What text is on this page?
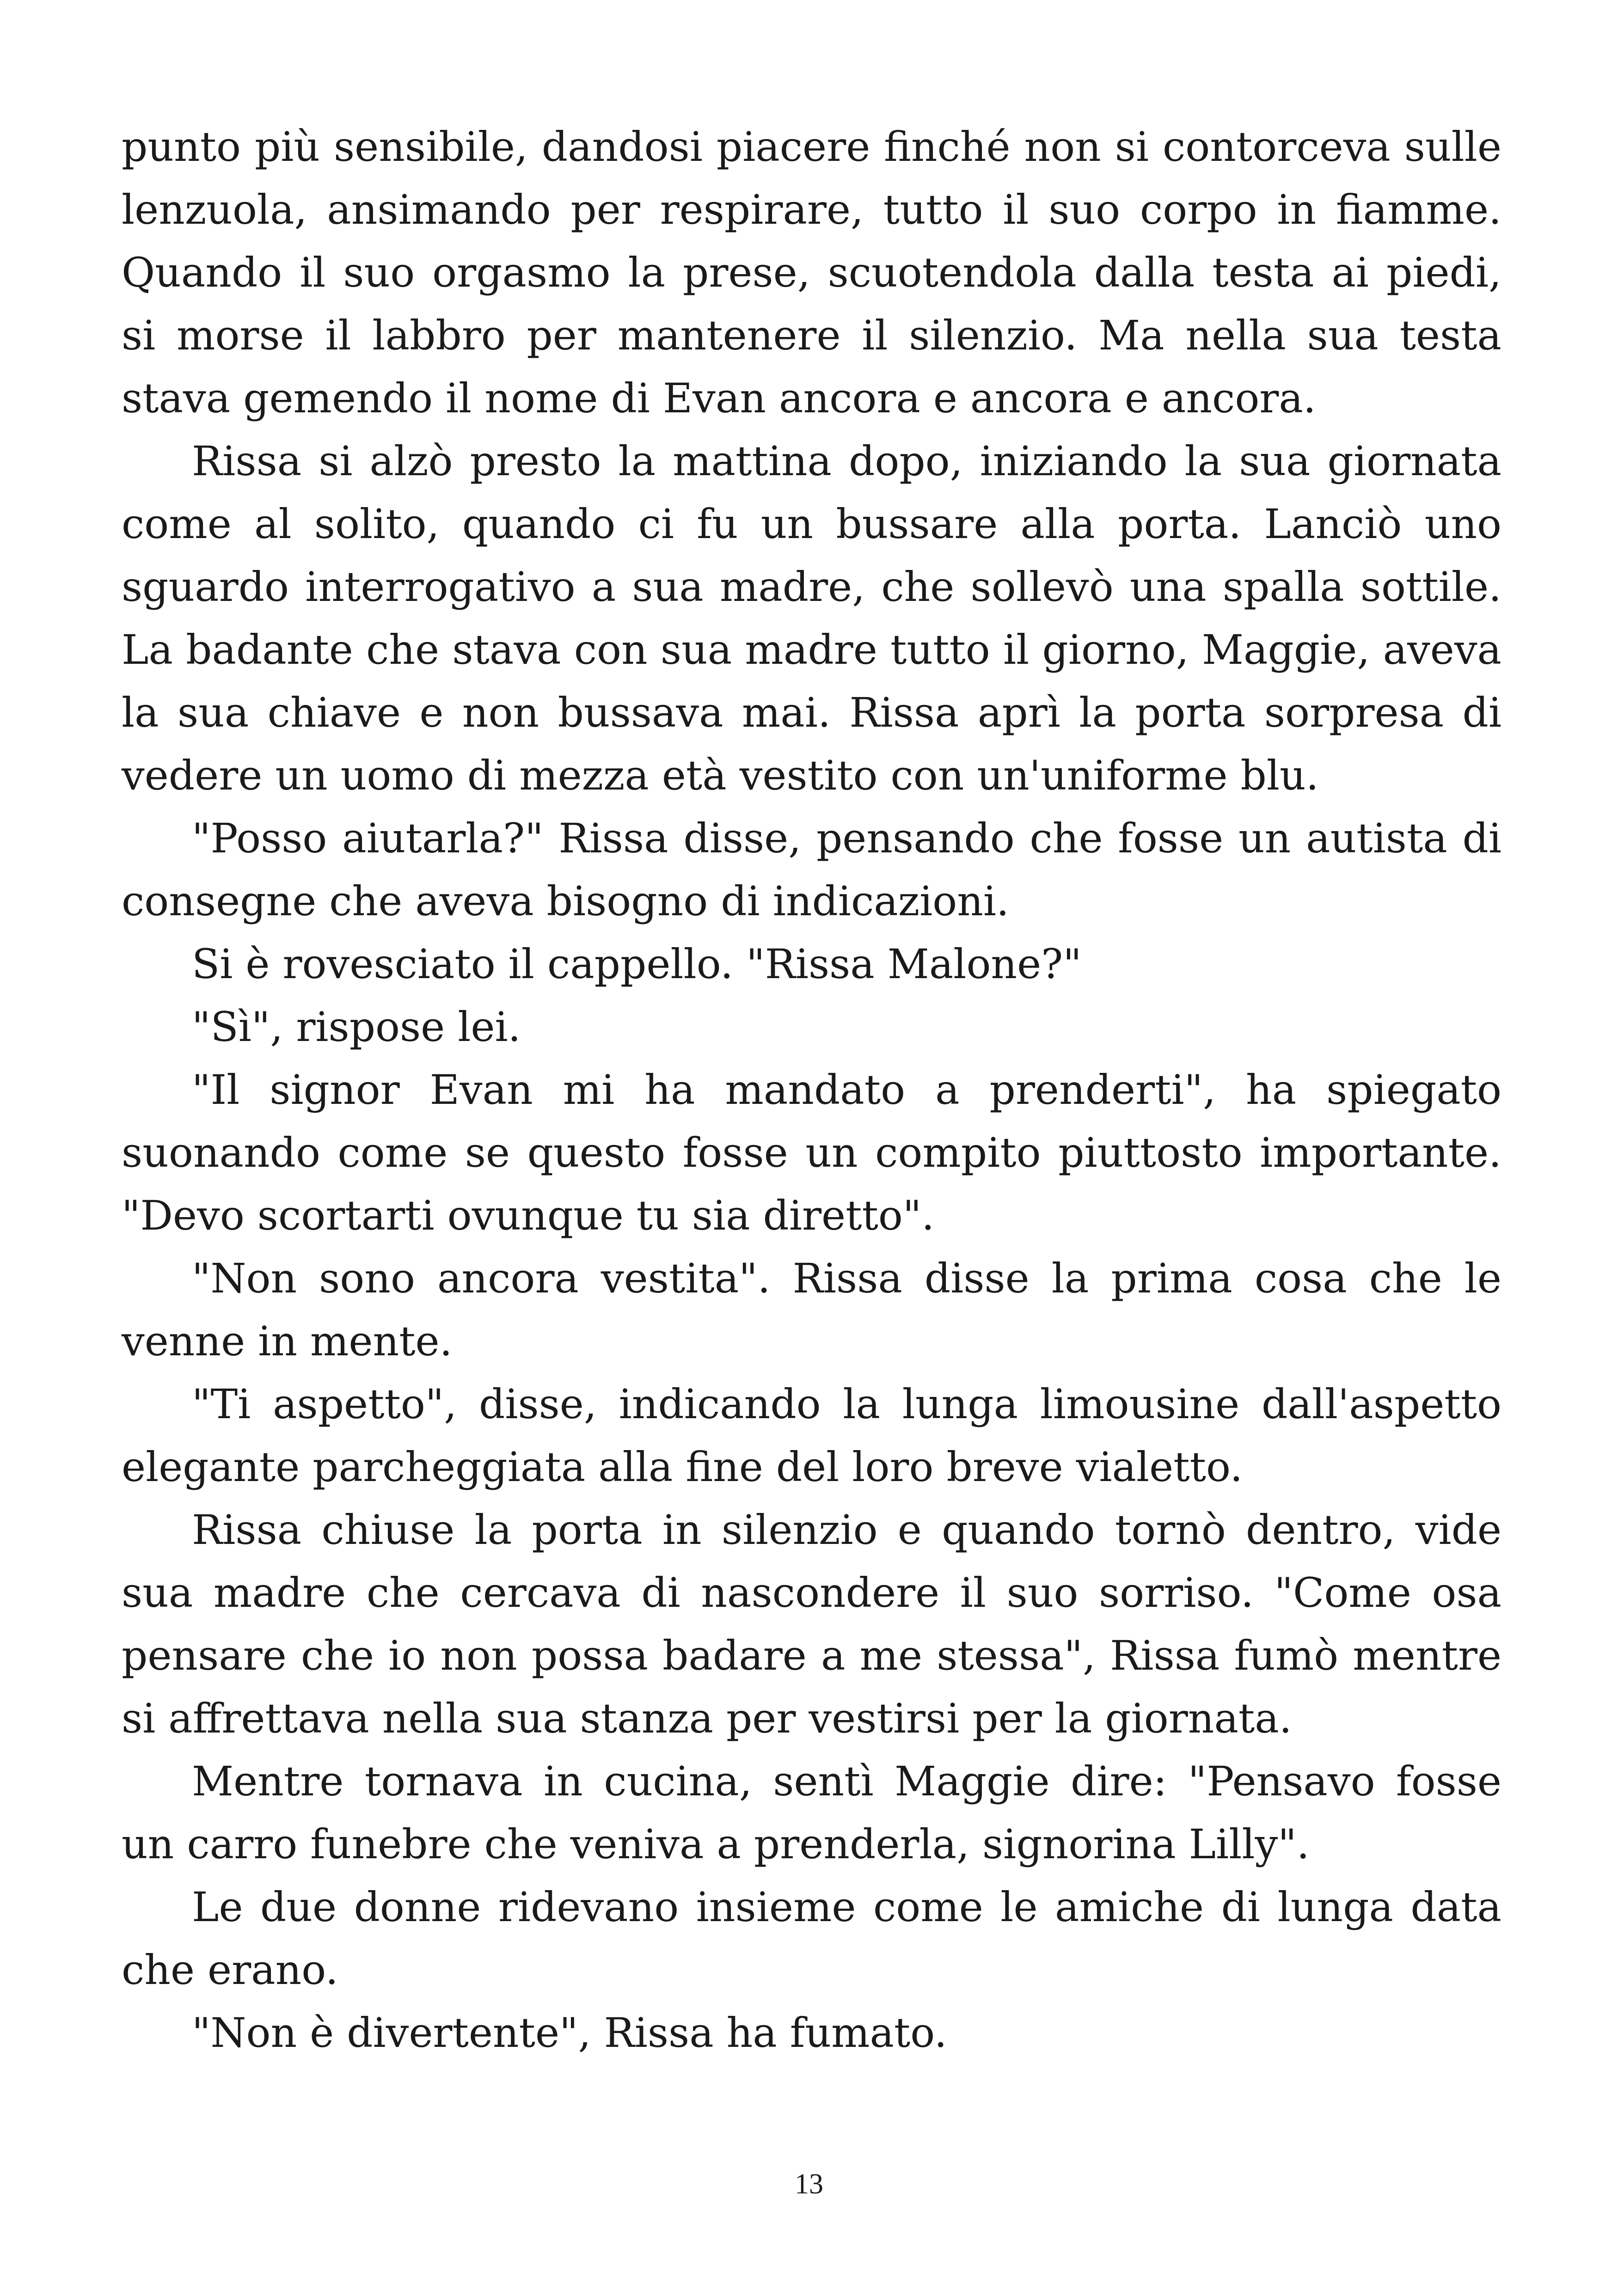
punto più sensibile, dandosi piacere finché non si contorceva sulle lenzuola, ansimando per respirare, tutto il suo corpo in fiamme. Quando il suo orgasmo la prese, scuotendola dalla testa ai piedi, si morse il labbro per mantenere il silenzio. Ma nella sua testa stava gemendo il nome di Evan ancora e ancora e ancora.

Rissa si alzò presto la mattina dopo, iniziando la sua giornata come al solito, quando ci fu un bussare alla porta. Lanciò uno sguardo interrogativo a sua madre, che sollevò una spalla sottile. La badante che stava con sua madre tutto il giorno, Maggie, aveva la sua chiave e non bussava mai. Rissa aprì la porta sorpresa di vedere un uomo di mezza età vestito con un'uniforme blu.

"Posso aiutarla?" Rissa disse, pensando che fosse un autista di consegne che aveva bisogno di indicazioni.

Si è rovesciato il cappello. "Rissa Malone?"

"Sì", rispose lei.

"Il signor Evan mi ha mandato a prenderti", ha spiegato suonando come se questo fosse un compito piuttosto importante. "Devo scortarti ovunque tu sia diretto".

"Non sono ancora vestita". Rissa disse la prima cosa che le venne in mente.

"Ti aspetto", disse, indicando la lunga limousine dall'aspetto elegante parcheggiata alla fine del loro breve vialetto.

Rissa chiuse la porta in silenzio e quando tornò dentro, vide sua madre che cercava di nascondere il suo sorriso. "Come osa pensare che io non possa badare a me stessa", Rissa fumò mentre si affrettava nella sua stanza per vestirsi per la giornata.

Mentre tornava in cucina, sentì Maggie dire: "Pensavo fosse un carro funebre che veniva a prenderla, signorina Lilly".

Le due donne ridevano insieme come le amiche di lunga data che erano.

"Non è divertente", Rissa ha fumato.

13
